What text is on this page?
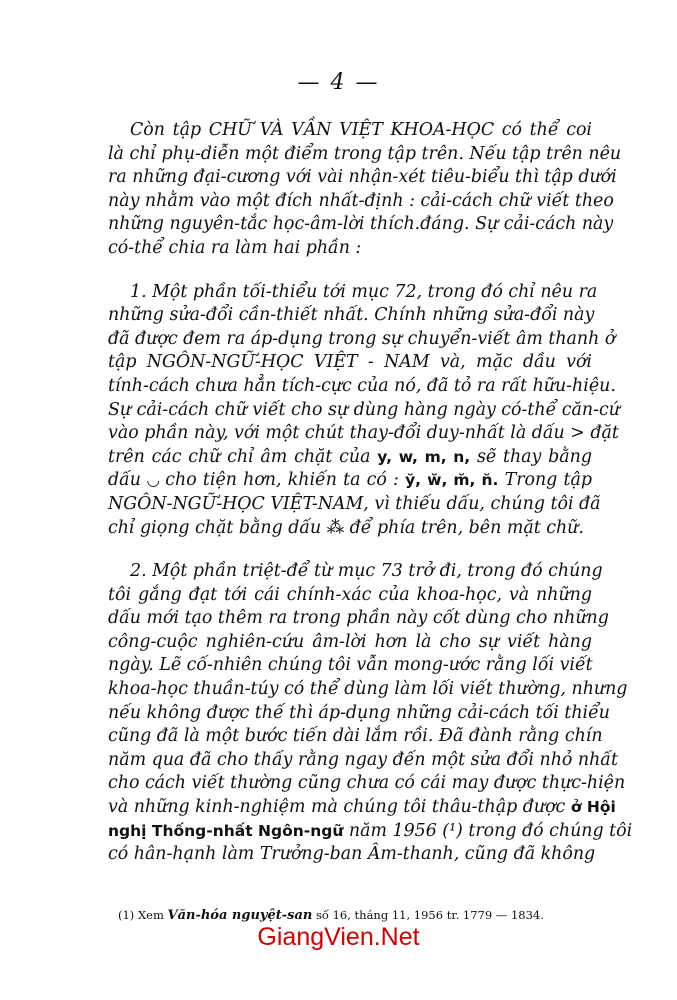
— 4 —
Còn tập CHỮ VÀ VẦN VIỆT KHOA-HỌC có thể coi
là chỉ phụ-diễn một điểm trong tập trên. Nếu tập trên nêu
ra những đại-cương với vài nhận-xét tiêu-biểu thì tập dưới
này nhằm vào một đích nhất-định : cải-cách chữ viết theo
những nguyên-tắc học-âm-lời thích.đáng. Sự cải-cách này
có-thể chia ra làm hai phần :
1. Một phần tối-thiểu tới mục 72, trong đó chỉ nêu ra
những sửa-đổi cần-thiết nhất. Chính những sửa-đổi này
đã được đem ra áp-dụng trong sự chuyển-viết âm thanh ở
tập NGÔN-NGỮ-HỌC VIỆT - NAM và, mặc dầu với
tính-cách chưa hẳn tích-cực của nó, đã tỏ ra rất hữu-hiệu.
Sự cải-cách chữ viết cho sự dùng hàng ngày có-thể căn-cứ
vào phần này, với một chút thay-đổi duy-nhất là dấu > đặt
trên các chữ chỉ âm chặt của y, w, m, n, sẽ thay bằng
dấu ◡ cho tiện hơn, khiến ta có : y̆, w̆, m̆, n̆. Trong tập
NGÔN-NGỮ-HỌC VIỆT-NAM, vì thiếu dấu, chúng tôi đã
chỉ giọng chặt bằng dấu ⁂ để phía trên, bên mặt chữ.
2. Một phần triệt-để từ mục 73 trở đi, trong đó chúng
tôi gắng đạt tới cái chính-xác của khoa-học, và những
dấu mới tạo thêm ra trong phần này cốt dùng cho những
công-cuộc nghiên-cứu âm-lời hơn là cho sự viết hàng
ngày. Lẽ cố-nhiên chúng tôi vẫn mong-ước rằng lối viết
khoa-học thuần-túy có thể dùng làm lối viết thường, nhưng
nếu không được thế thì áp-dụng những cải-cách tối thiểu
cũng đã là một bước tiến dài lắm rồi. Đã đành rằng chín
năm qua đã cho thấy rằng ngay đến một sửa đổi nhỏ nhất
cho cách viết thường cũng chưa có cái may được thực-hiện
và những kinh-nghiệm mà chúng tôi thâu-thập được ở Hội
nghị Thống-nhất Ngôn-ngữ năm 1956 (¹) trong đó chúng tôi
có hân-hạnh làm Trưởng-ban Âm-thanh, cũng đã không
(1) Xem Văn-hóa nguyệt-san số 16, tháng 11, 1956 tr. 1779 — 1834.
GiangVien.Net
